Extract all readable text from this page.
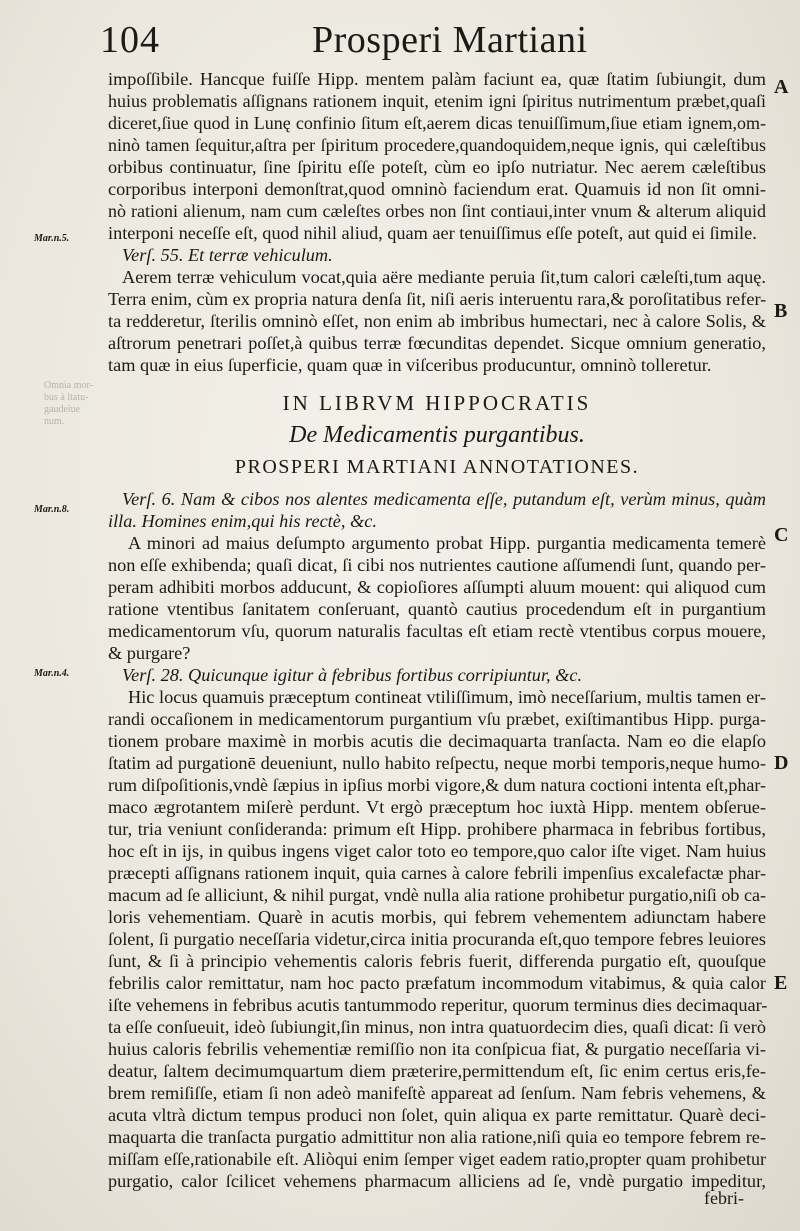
104	Prosperi Martiani
Mar.n.5.
Mar.n.8.
Mar.n.4.
Omnia mor-
bus à ltatu-
gaudeiue
num.
A
B
C
D
E
impoſſibile. Hancque fuiſſe Hipp. mentem palàm faciunt ea, quæ ſtatim ſubiungit, dum
huius problematis aſſignans rationem inquit, etenim igni ſpiritus nutrimentum præbet,quaſi
diceret,ſiue quod in Lunę confinio ſitum eſt,aerem dicas tenuiſſimum,ſiue etiam ignem,om-
ninò tamen ſequitur,aſtra per ſpiritum procedere,quandoquidem,neque ignis, qui cæleſtibus
orbibus continuatur, ſine ſpiritu eſſe poteſt, cùm eo ipſo nutriatur. Nec aerem cæleſtibus
corporibus interponi demonſtrat,quod omninò faciendum erat. Quamuis id non ſit omni-
nò rationi alienum, nam cum cæleſtes orbes non ſint contiaui,inter vnum & alterum aliquid
interponi neceſſe eſt, quod nihil aliud, quam aer tenuiſſimus eſſe poteſt, aut quid ei ſimile.
Verſ. 55. Et terræ vehiculum.
Aerem terræ vehiculum vocat,quia aëre mediante peruia ſit,tum calori cæleſti,tum aquę.
Terra enim, cùm ex propria natura denſa ſit, niſi aeris interuentu rara,& poroſitatibus refer-
ta redderetur, ſterilis omninò eſſet, non enim ab imbribus humectari, nec à calore Solis, &
aſtrorum penetrari poſſet,à quibus terræ fœcunditas dependet. Sicque omnium generatio,
tam quæ in eius ſuperficie, quam quæ in viſceribus producuntur, omninò tolleretur.
IN LIBRVM HIPPOCRATIS
De Medicamentis purgantibus.
PROSPERI MARTIANI ANNOTATIONES.
Verſ. 6. Nam & cibos nos alentes medicamenta eſſe, putandum eſt, verùm minus, quàm
illa. Homines enim,qui his rectè, &c.
A minori ad maius deſumpto argumento probat Hipp. purgantia medicamenta temerè
non eſſe exhibenda; quaſi dicat, ſi cibi nos nutrientes cautione aſſumendi ſunt, quando per-
peram adhibiti morbos adducunt, & copioſiores aſſumpti aluum mouent: qui aliquod cum
ratione vtentibus ſanitatem conſeruant, quantò cautius procedendum eſt in purgantium
medicamentorum vſu, quorum naturalis facultas eſt etiam rectè vtentibus corpus mouere,
& purgare?
Verſ. 28. Quicunque igitur à febribus fortibus corripiuntur, &c.
Hic locus quamuis præceptum contineat vtiliſſimum, imò neceſſarium, multis tamen er-
randi occaſionem in medicamentorum purgantium vſu præbet, exiſtimantibus Hipp. purga-
tionem probare maximè in morbis acutis die decimaquarta tranſacta. Nam eo die elapſo
ſtatim ad purgationē deueniunt, nullo habito reſpectu, neque morbi temporis,neque humo-
rum diſpoſitionis,vndè ſæpius in ipſius morbi vigore,& dum natura coctioni intenta eſt,phar-
maco ægrotantem miſerè perdunt. Vt ergò præceptum hoc iuxtà Hipp. mentem obſerue-
tur, tria veniunt conſideranda: primum eſt Hipp. prohibere pharmaca in febribus fortibus,
hoc eſt in ijs, in quibus ingens viget calor toto eo tempore,quo calor iſte viget. Nam huius
præcepti aſſignans rationem inquit, quia carnes à calore febrili impenſius excalefactæ phar-
macum ad ſe alliciunt, & nihil purgat, vndè nulla alia ratione prohibetur purgatio,niſi ob ca-
loris vehementiam. Quarè in acutis morbis, qui febrem vehementem adiunctam habere
ſolent, ſi purgatio neceſſaria videtur,circa initia procuranda eſt,quo tempore febres leuiores
ſunt, & ſi à principio vehementis caloris febris fuerit, differenda purgatio eſt, quouſque
febrilis calor remittatur, nam hoc pacto præfatum incommodum vitabimus, & quia calor
iſte vehemens in febribus acutis tantummodo reperitur, quorum terminus dies decimaquar-
ta eſſe conſueuit, ideò ſubiungit,ſin minus, non intra quatuordecim dies, quaſi dicat: ſi verò
huius caloris febrilis vehementiæ remiſſio non ita conſpicua fiat, & purgatio neceſſaria vi-
deatur, ſaltem decimumquartum diem præterire,permittendum eſt, ſic enim certus eris,fe-
brem remiſiſſe, etiam ſi non adeò manifeſtè appareat ad ſenſum. Nam febris vehemens, &
acuta vltrà dictum tempus produci non ſolet, quin aliqua ex parte remittatur. Quarè deci-
maquarta die tranſacta purgatio admittitur non alia ratione,niſi quia eo tempore febrem re-
miſſam eſſe,rationabile eſt. Aliòqui enim ſemper viget eadem ratio,propter quam prohibetur
purgatio, calor ſcilicet vehemens pharmacum alliciens ad ſe, vndè purgatio impeditur,
febri-
